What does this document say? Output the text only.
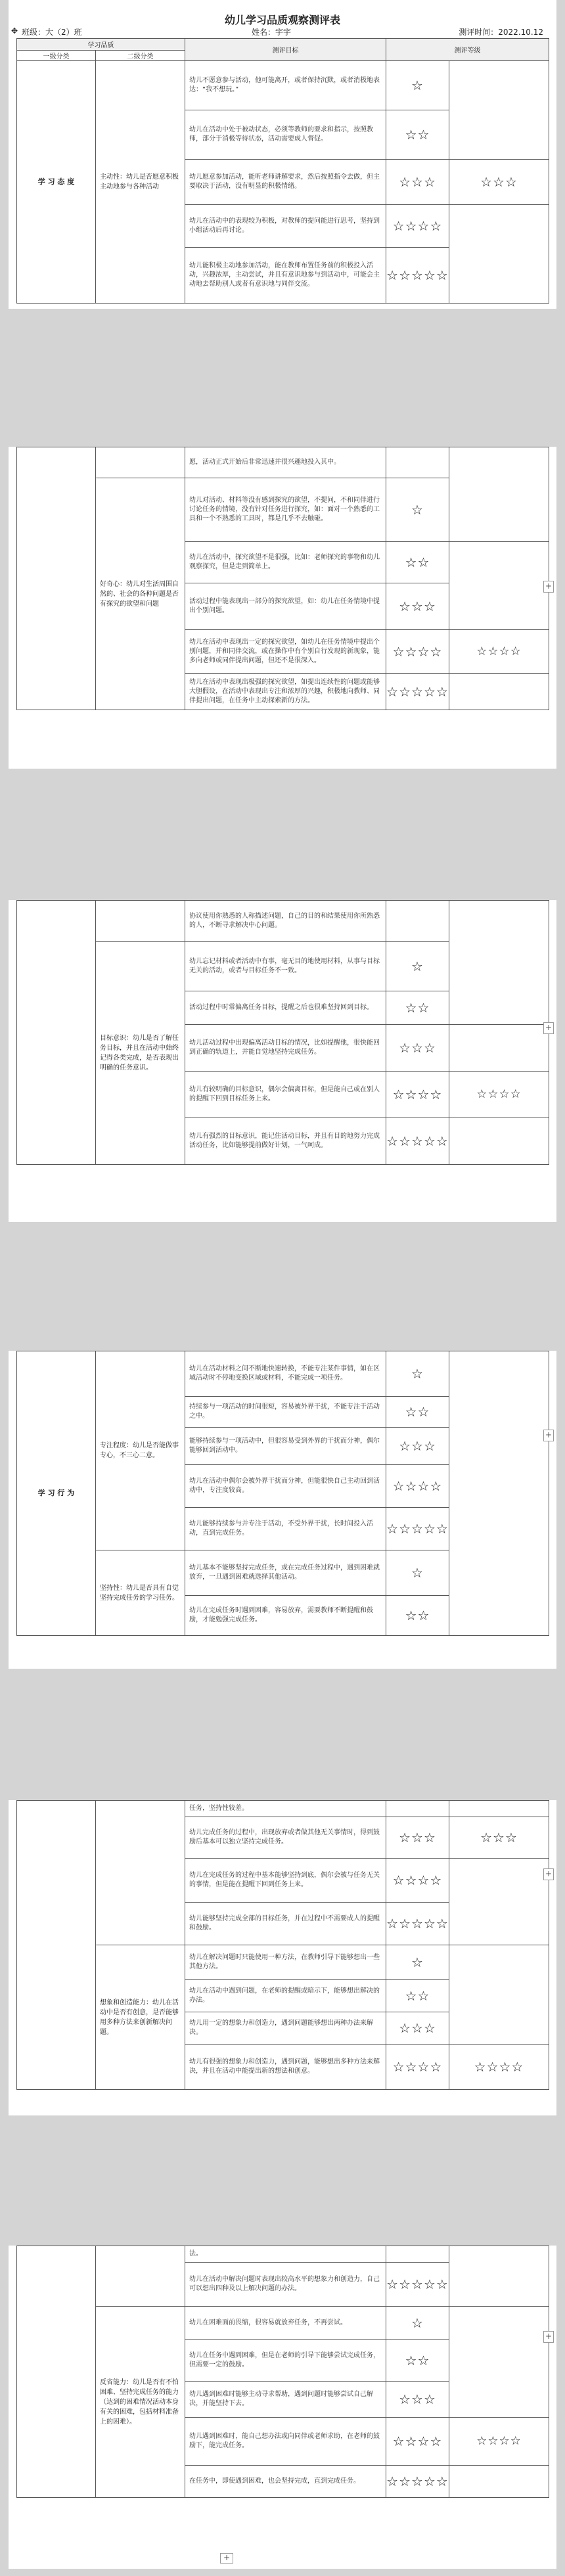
幼儿学习品质观察测评表
✥ 班级：大（2）班	姓名：宇宇	测评时间：2022.10.12
学习品质		测评目标	测评等级	
一级分类	二级分类			
学 习 态 度	主动性：幼儿是否愿意积极主动地参与各种活动	幼儿不愿意参与活动，他可能离开，或者保持沉默，或者消极地表达：“我不想玩。”	☆	
		幼儿在活动中处于被动状态，必须等教师的要求和指示，按照教师，部分于消极等待状态，活动需要成人督促。	☆☆	
		幼儿愿意参加活动，能听老师讲解要求，然后按照指令去做，但主要取决于活动，没有明显的积极情绪。	☆☆☆	☆☆☆
		幼儿在活动中的表现较为积极，对教师的提问能进行思考，坚持到小组活动后再讨论。	☆☆☆☆	
		幼儿能积极主动地参加活动，能在教师布置任务前的积极投入活动，兴趣浓厚，主动尝试，并且有意识地参与到活动中，可能会主动地去帮助别人或者有意识地与同伴交流。	☆☆☆☆☆	
		愿，活动正式开始后非常迅速并很兴趣地投入其中。		
	好奇心：幼儿对生活周围自然的、社会的各种问题是否有探究的欲望和问题	幼儿对活动、材料等没有感到探究的欲望，不提问，不和同伴进行讨论任务的情境，没有针对任务进行探究，如：面对一个熟悉的工具和一个不熟悉的工具时，都是几乎不去触碰。	☆	
		幼儿在活动中，探究欲望不是很强，比如：老师探究的事物和幼儿观察探究，但是走到简单上。	☆☆	
		活动过程中能表现出一部分的探究欲望，如：幼儿在任务情境中提出个别问题。	☆☆☆	
		幼儿在活动中表现出一定的探究欲望，如幼儿在任务情境中提出个别问题，并和同伴交流，或在操作中有个别自行发现的新现象，能多向老师或同伴提出问题，但还不是很深入。	☆☆☆☆	☆☆☆☆
		幼儿在活动中表现出极强的探究欲望，如提出连续性的问题或能够大胆假设，在活动中表现出专注和浓厚的兴趣，积极地向教师、同伴提出问题，在任务中主动探索新的方法。	☆☆☆☆☆	
+
		协议使用你熟悉的人称描述问题，自己的目的和结果使用你所熟悉的人，不断寻求解决中心问题。		
	目标意识：幼儿是否了解任务目标，并且在活动中始终记得各类完成，是否表现出明确的任务意识。	幼儿忘记材料或者活动中有事，毫无目的地使用材料，从事与目标无关的活动，或者与目标任务不一致。	☆	
		活动过程中时常偏离任务目标，提醒之后也很难坚持回到目标。	☆☆	
		幼儿活动过程中出现偏离活动目标的情况，比如提醒他，很快能回到正确的轨道上，并能自觉地坚持完成任务。	☆☆☆	
		幼儿有较明确的目标意识，偶尔会偏离目标，但是能自己或在别人的提醒下回到目标任务上来。	☆☆☆☆	☆☆☆☆
		幼儿有强烈的目标意识，能记住活动目标，并且有目的地努力完成活动任务，比如能够提前做好计划，一气呵成。	☆☆☆☆☆	
+
学 习 行 为	专注程度：幼儿是否能做事专心，不三心二意。	幼儿在活动材料之间不断地快速转换，不能专注某件事情，如在区域活动时不停地变换区域或材料，不能完成一项任务。	☆	
		持续参与一项活动的时间很短，容易被外界干扰，不能专注于活动之中。	☆☆	
		能够持续参与一项活动中，但很容易受到外界的干扰而分神，偶尔能够回到活动中。	☆☆☆	
		幼儿在活动中偶尔会被外界干扰而分神，但能很快自己主动回到活动中，专注度较高。	☆☆☆☆	
		幼儿能够持续参与并专注于活动，不受外界干扰，长时间投入活动，直到完成任务。	☆☆☆☆☆	
	坚持性：幼儿是否具有自觉坚持完成任务的学习任务。	幼儿基本不能够坚持完成任务，或在完成任务过程中，遇到困难就放弃，一旦遇到困难就选择其他活动。	☆	
		幼儿在完成任务时遇到困难，容易放弃，需要教师不断提醒和鼓励，才能勉强完成任务。	☆☆	
+
		任务，坚持性较差。		
		幼儿完成任务的过程中，出现放弃或者做其他无关事情时，得到鼓励后基本可以独立坚持完成任务。	☆☆☆	☆☆☆
		幼儿在完成任务的过程中基本能够坚持到底，偶尔会被与任务无关的事情，但是能在提醒下回到任务上来。	☆☆☆☆	
		幼儿能够坚持完成全部的目标任务，并在过程中不需要成人的提醒和鼓励。	☆☆☆☆☆	
	想象和创造能力：幼儿在活动中是否有创意，是否能够用多种方法来创新解决问题。	幼儿在解决问题时只能使用一种方法，在教师引导下能够想出一些其他方法。	☆	
		幼儿在活动中遇到问题，在老师的提醒或暗示下，能够想出解决的办法。	☆☆	
		幼儿用一定的想象力和创造力，遇到问题能够想出两种办法来解决。	☆☆☆	
		幼儿有很强的想象力和创造力，遇到问题，能够想出多种方法来解决，并且在活动中能提出新的想法和创意。	☆☆☆☆	☆☆☆☆
+
		法。		
		幼儿在活动中解决问题时表现出较高水平的想象力和创造力，自己可以想出四种及以上解决问题的办法。	☆☆☆☆☆	
	反省能力：幼儿是否有不怕困难、坚持完成任务的能力（达到的困难情况活动本身有关的困难，包括材料准备上的困难）。	幼儿在困难面前畏缩，很容易就放弃任务，不再尝试。	☆	
		幼儿在任务中遇到困难，但是在老师的引导下能够尝试完成任务，但需要一定的鼓励。	☆☆	
		幼儿遇到困难时能够主动寻求帮助，遇到问题时能够尝试自己解决，并能坚持下去。	☆☆☆	
		幼儿遇到困难时，能自己想办法或向同伴或老师求助，在老师的鼓励下，能完成任务。	☆☆☆☆	☆☆☆☆
		在任务中，即使遇到困难，也会坚持完成，直到完成任务。	☆☆☆☆☆	
+
+
